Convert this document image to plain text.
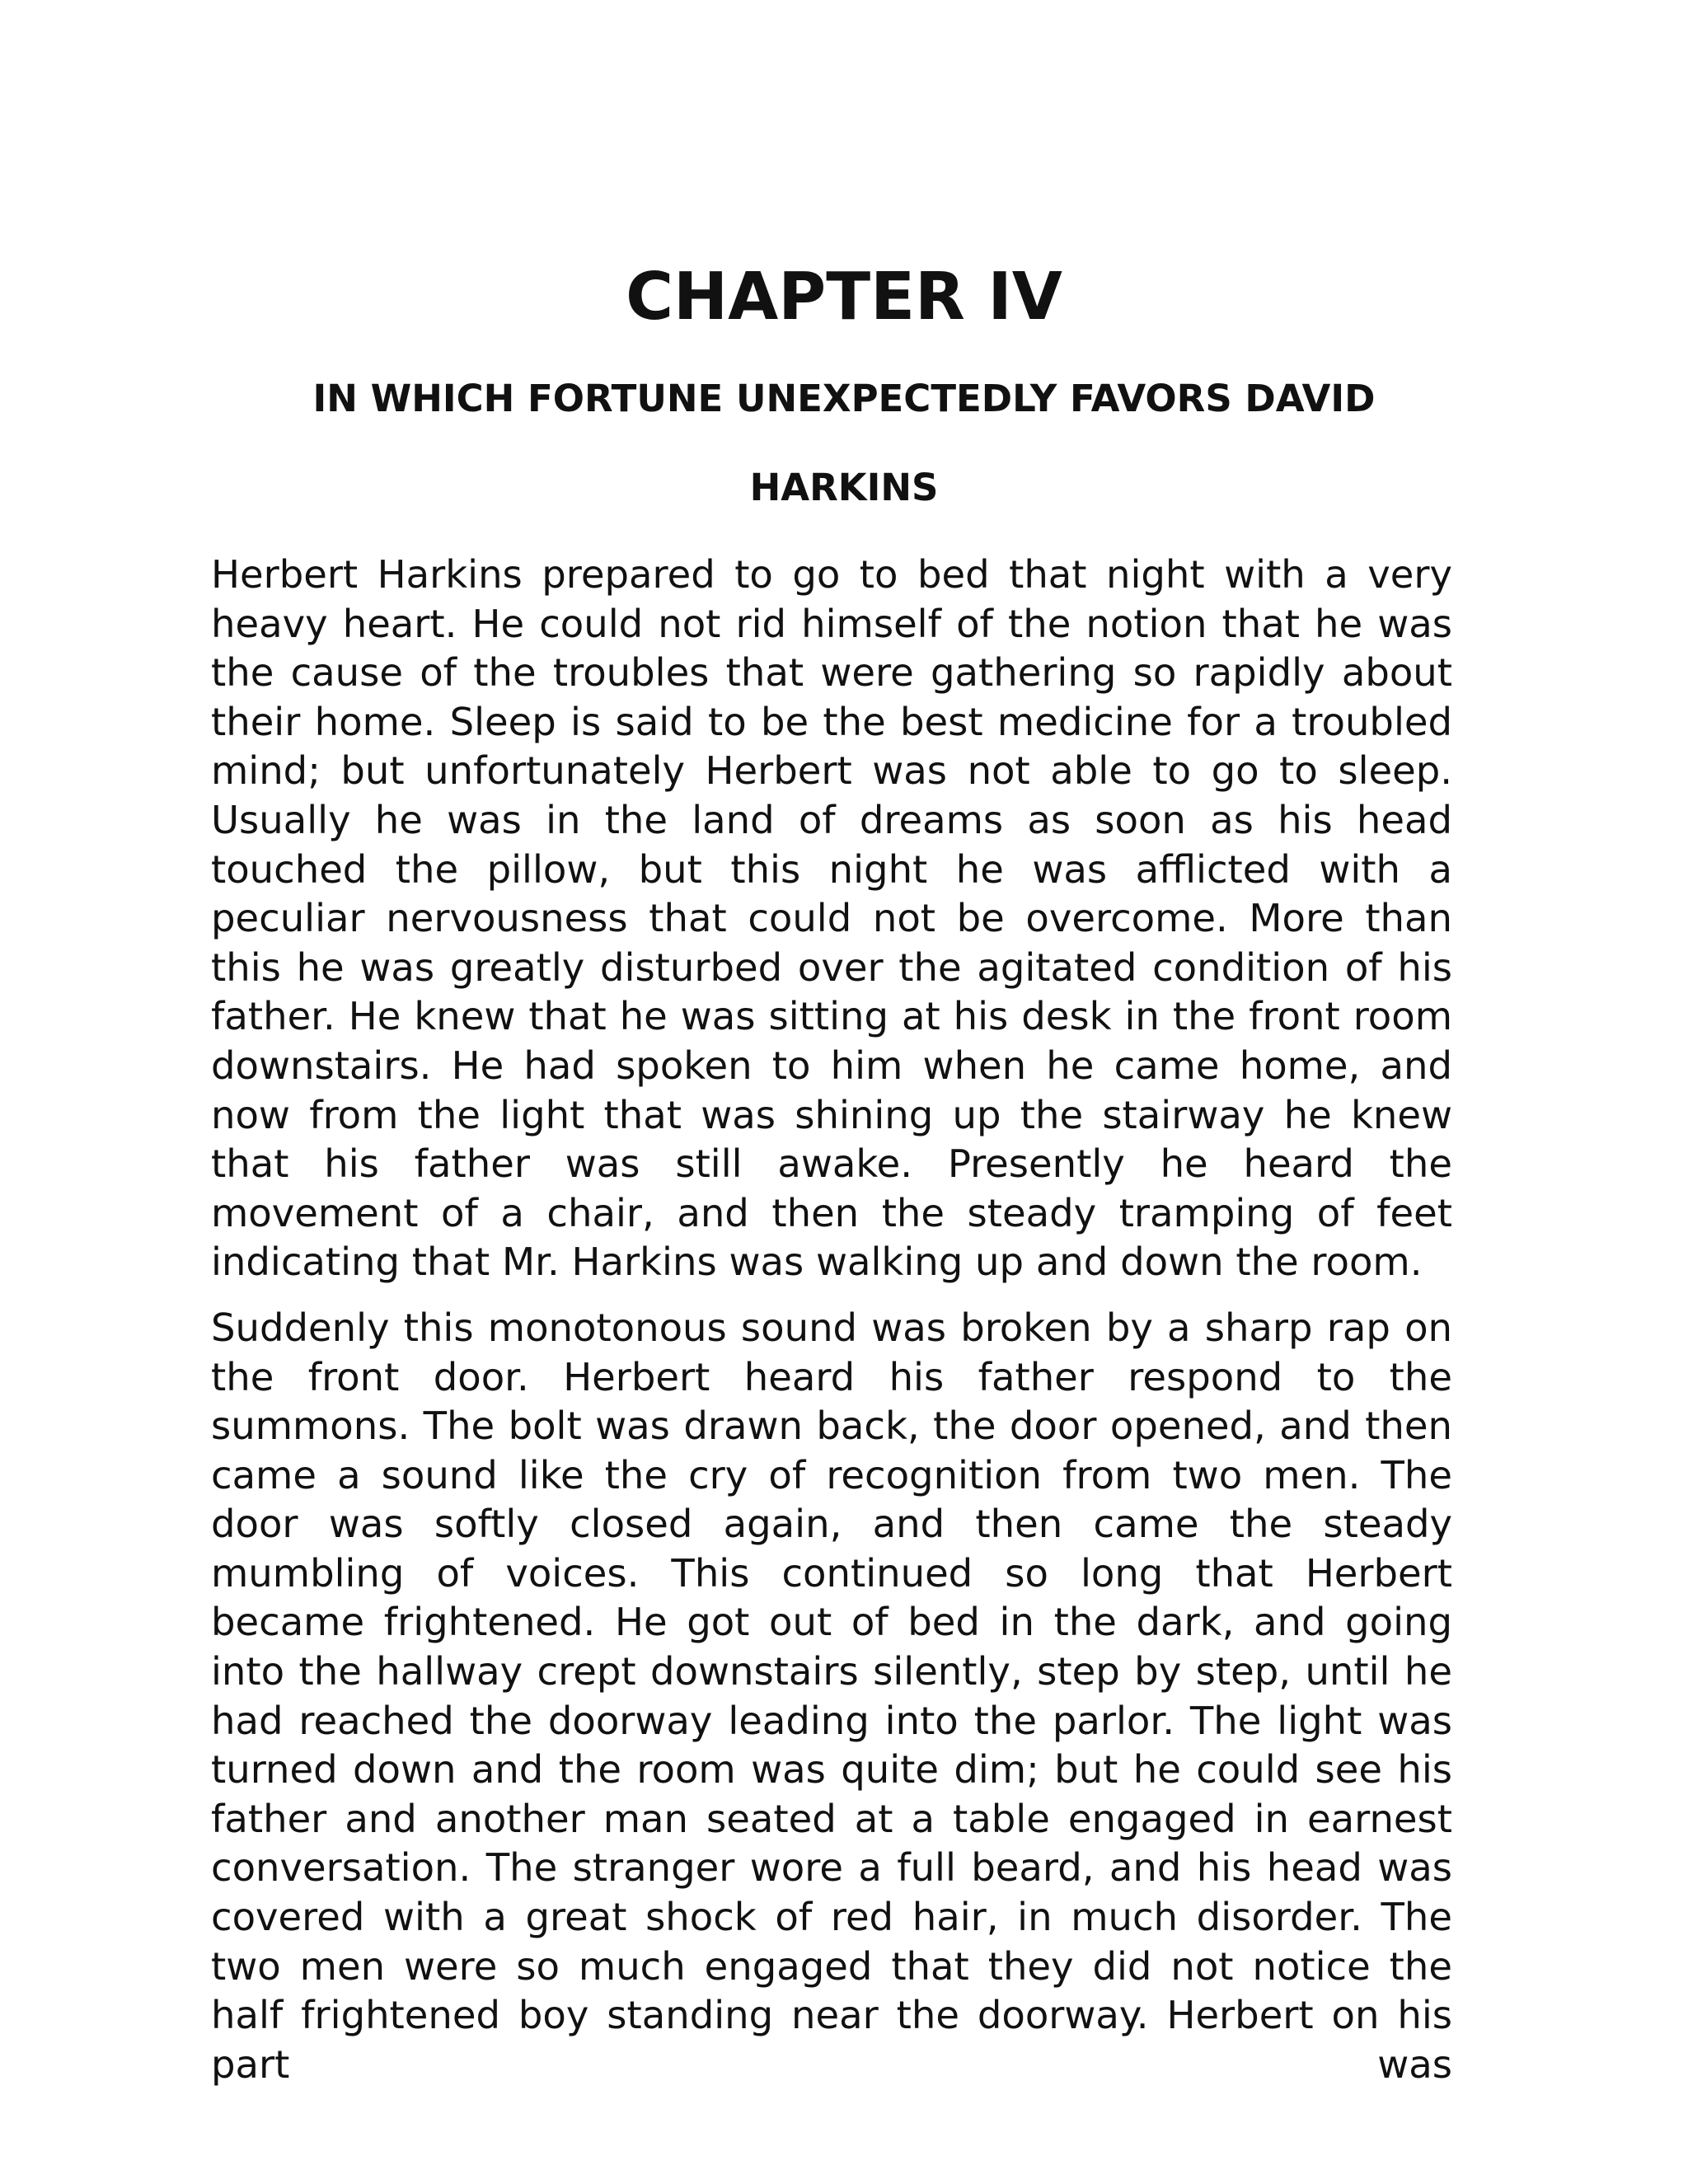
CHAPTER IV
IN WHICH FORTUNE UNEXPECTEDLY FAVORS DAVID HARKINS

Herbert Harkins prepared to go to bed that night with a very heavy heart. He could not rid himself of the notion that he was the cause of the troubles that were gathering so rapidly about their home. Sleep is said to be the best medicine for a troubled mind; but unfortunately Herbert was not able to go to sleep. Usually he was in the land of dreams as soon as his head touched the pillow, but this night he was afflicted with a peculiar nervousness that could not be overcome. More than this he was greatly disturbed over the agitated condition of his father. He knew that he was sitting at his desk in the front room downstairs. He had spoken to him when he came home, and now from the light that was shining up the stairway he knew that his father was still awake. Presently he heard the movement of a chair, and then the steady tramping of feet indicating that Mr. Harkins was walking up and down the room.

Suddenly this monotonous sound was broken by a sharp rap on the front door. Herbert heard his father respond to the summons. The bolt was drawn back, the door opened, and then came a sound like the cry of recognition from two men. The door was softly closed again, and then came the steady mumbling of voices. This continued so long that Herbert became frightened. He got out of bed in the dark, and going into the hallway crept downstairs silently, step by step, until he had reached the doorway leading into the parlor. The light was turned down and the room was quite dim; but he could see his father and another man seated at a table engaged in earnest conversation. The stranger wore a full beard, and his head was covered with a great shock of red hair, in much disorder. The two men were so much engaged that they did not notice the half frightened boy standing near the doorway. Herbert on his part was
